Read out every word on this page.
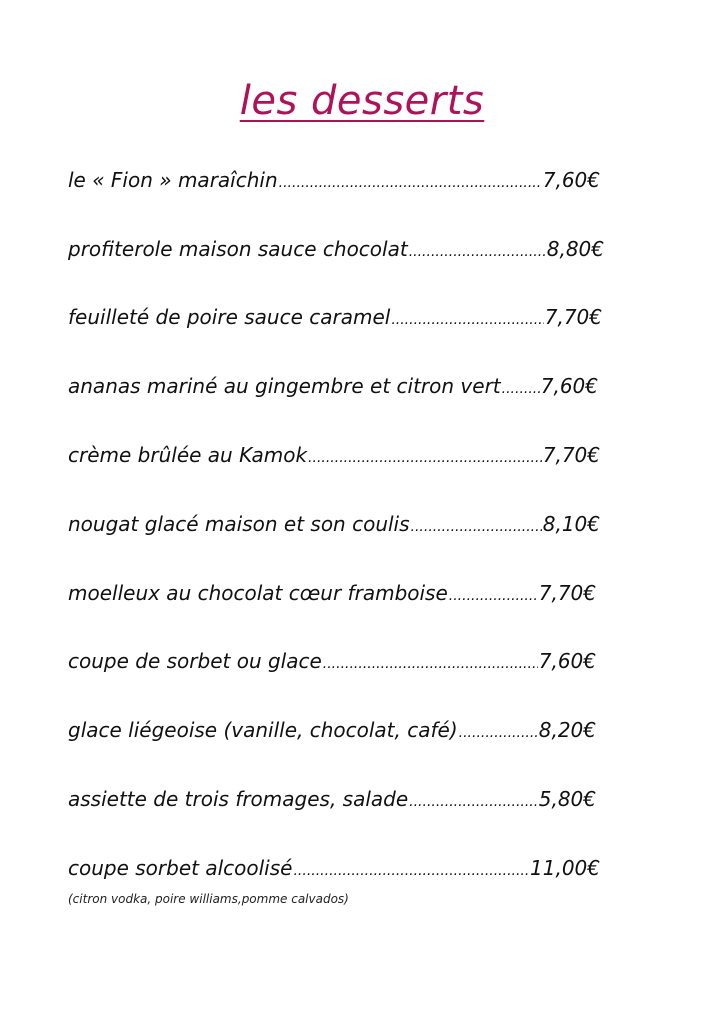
les desserts
le « Fion » maraîchin .....	7,60€
profiterole maison sauce chocolat .....	8,80€
feuilleté de poire sauce caramel .....	7,70€
ananas mariné au gingembre et citron vert ..... 7,60€
crème brûlée au Kamok .....	7,70€
nougat glacé maison et son coulis .....	8,10€
moelleux au chocolat cœur framboise .....	7,70€
coupe de sorbet ou glace .....	7,60€
glace liégeoise (vanille, chocolat, café) .....	8,20€
assiette de trois fromages, salade .....	5,80€
coupe sorbet alcoolisé .....	11,00€
(citron vodka, poire williams,pomme calvados)
